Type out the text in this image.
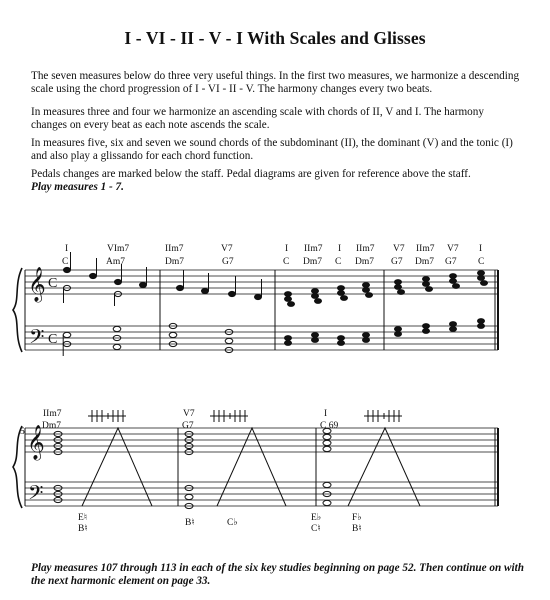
I - VI - II - V - I With Scales and Glisses

The seven measures below do three very useful things. In the first two measures, we harmonize a descending scale using the chord progression of I - VI - II - V. The harmony changes every two beats.

In measures three and four we harmonize an ascending scale with chords of II, V and I. The harmony changes on every beat as each note ascends the scale.

In measures five, six and seven we sound chords of the subdominant (II), the dominant (V) and the tonic (I) and also play a glissando for each chord function.

Pedals changes are marked below the staff. Pedal diagrams are given for reference above the staff.
Play measures 1 - 7.

𝄞
𝄢
C
C
𝄞
𝄢
I	VIm7	IIm7	V7	I IIm7 I IIm7 V7 IIm7 V7 I
C	Am7	Dm7	G7	C Dm7 C Dm7 G7 Dm7 G7 C
5
IIm7	V7	I
Dm7	G7	C 69
E♮
B♮
B♮	C♭	E♭
C♮
F♭
B♮

Play measures 107 through 113 in each of the six key studies beginning on page 52. Then continue on with the next harmonic element on page 33.
